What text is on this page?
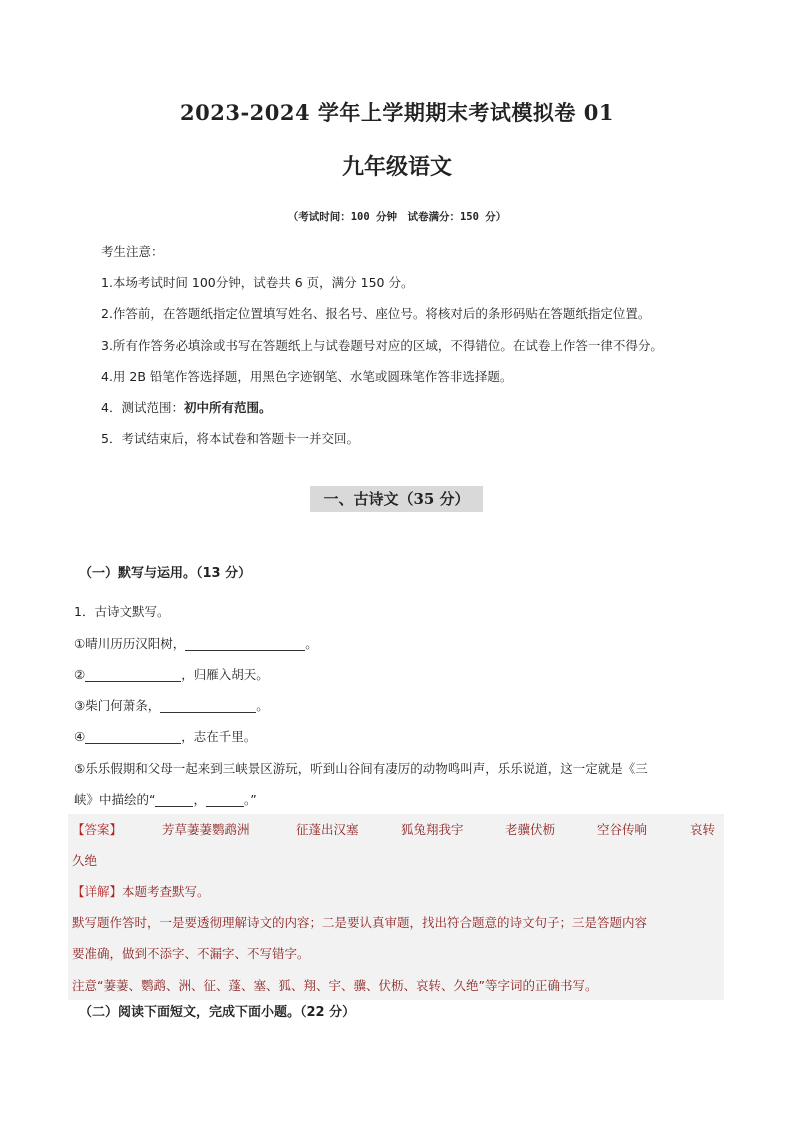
2023-2024 学年上学期期末考试模拟卷 01
九年级语文
（考试时间：100 分钟　试卷满分：150 分）
考生注意：
1.本场考试时间 100分钟，试卷共 6 页，满分 150 分。
2.作答前，在答题纸指定位置填写姓名、报名号、座位号。将核对后的条形码贴在答题纸指定位置。
3.所有作答务必填涂或书写在答题纸上与试卷题号对应的区域，不得错位。在试卷上作答一律不得分。
4.用 2B 铅笔作答选择题，用黑色字迹钢笔、水笔或圆珠笔作答非选择题。
4．测试范围：初中所有范围。
5．考试结束后，将本试卷和答题卡一并交回。
一、古诗文（35 分）
（一）默写与运用。（13 分）
1．古诗文默写。
①晴川历历汉阳树，	。
②	，归雁入胡天。
③柴门何萧条，	。
④	，志在千里。
⑤乐乐假期和父母一起来到三峡景区游玩，听到山谷间有凄厉的动物鸣叫声，乐乐说道，这一定就是《三
峡》中描绘的“	，	。”
【答案】	芳草萋萋鹦鹉洲	征蓬出汉塞	狐兔翔我宇	老骥伏枥	空谷传响	哀转
久绝
【详解】本题考查默写。
默写题作答时，一是要透彻理解诗文的内容；二是要认真审题，找出符合题意的诗文句子；三是答题内容
要准确，做到不添字、不漏字、不写错字。
注意“萋萋、鹦鹉、洲、征、蓬、塞、狐、翔、宇、骥、伏枥、哀转、久绝”等字词的正确书写。
（二）阅读下面短文，完成下面小题。（22 分）
